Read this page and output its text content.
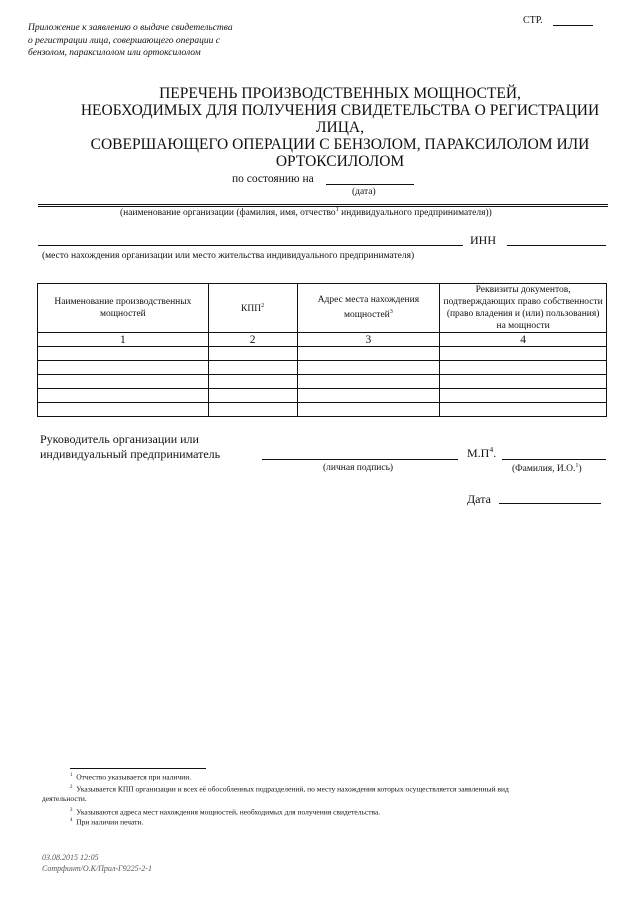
Приложение к заявлению о выдаче свидетельства
о регистрации лица, совершающего операции с
бензолом, параксилолом или ортоксилолом
СТР.
ПЕРЕЧЕНЬ ПРОИЗВОДСТВЕННЫХ МОЩНОСТЕЙ,
НЕОБХОДИМЫХ ДЛЯ ПОЛУЧЕНИЯ СВИДЕТЕЛЬСТВА О РЕГИСТРАЦИИ ЛИЦА,
СОВЕРШАЮЩЕГО ОПЕРАЦИИ С БЕНЗОЛОМ, ПАРАКСИЛОЛОМ ИЛИ
ОРТОКСИЛОЛОМ
по состоянию на
(дата)
(наименование организации (фамилия, имя, отчество$^1$ индивидуального предпринимателя))
ИНН
(место нахождения организации или место жительства индивидуального предпринимателя)
Наименование производственных мощностей	КПП$^2$	Адрес места нахождения мощностей$^3$	Реквизиты документов, подтверждающих право собственности (право владения и (или) пользования) на мощности
1	2	3	4

Руководитель организации или
индивидуальный предприниматель
(личная подпись)
$М.П^4$.
(Фамилия, И.О.$^1$)
Дата
$^1$ Отчество указывается при наличии.
$^2$ Указывается КПП организации и всех её обособленных подразделений, по месту нахождения которых осуществляется заявленный вид
деятельности.
$^3$ Указываются адреса мест нахождения мощностей, необходимых для получения свидетельства.
$^4$ При наличии печати.
03.08.2015 12:05
Сотрфинт/О.К/Прил-Г9225-2-1
